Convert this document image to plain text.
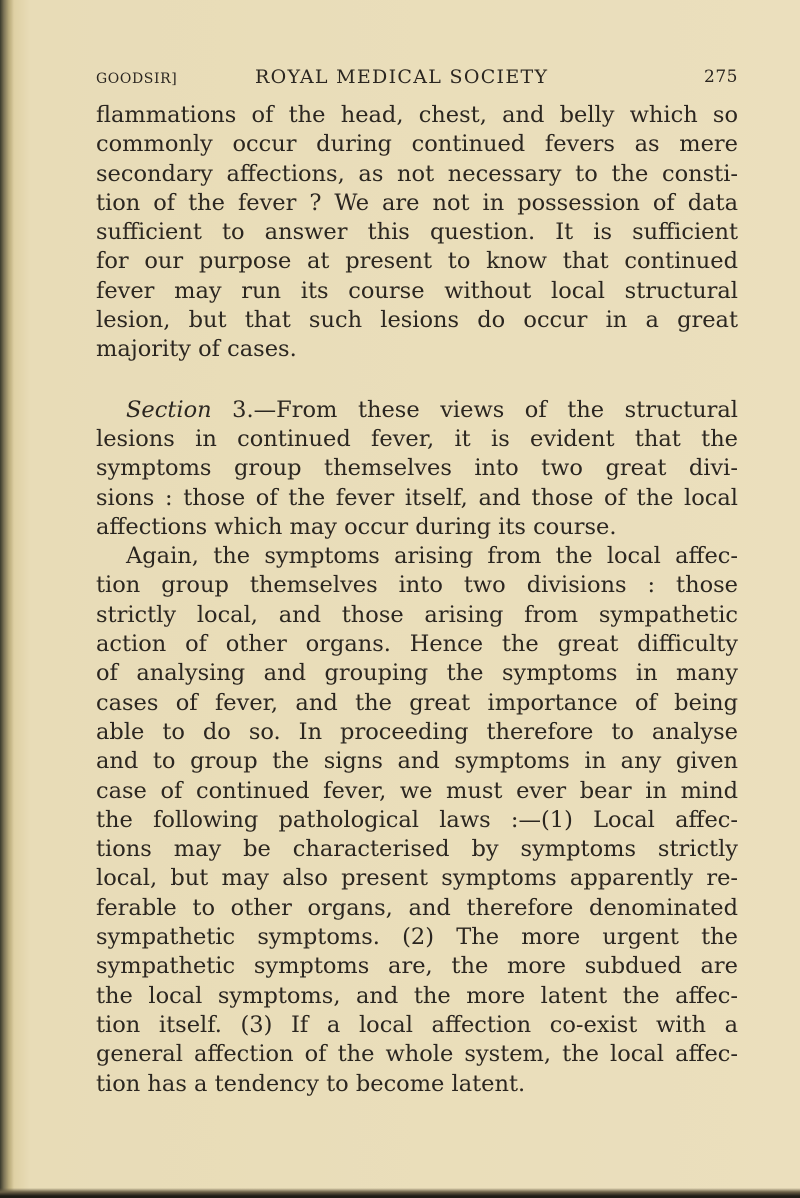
GOODSIR]	ROYAL MEDICAL SOCIETY	275
flammations of the head, chest, and belly which so
commonly occur during continued fevers as mere
secondary affections, as not necessary to the consti-
tion of the fever ? We are not in possession of data
sufficient to answer this question. It is sufficient
for our purpose at present to know that continued
fever may run its course without local structural
lesion, but that such lesions do occur in a great
majority of cases.
Section 3.—From these views of the structural
lesions in continued fever, it is evident that the
symptoms group themselves into two great divi-
sions : those of the fever itself, and those of the local
affections which may occur during its course.
Again, the symptoms arising from the local affec-
tion group themselves into two divisions : those
strictly local, and those arising from sympathetic
action of other organs. Hence the great difficulty
of analysing and grouping the symptoms in many
cases of fever, and the great importance of being
able to do so. In proceeding therefore to analyse
and to group the signs and symptoms in any given
case of continued fever, we must ever bear in mind
the following pathological laws :—(1) Local affec-
tions may be characterised by symptoms strictly
local, but may also present symptoms apparently re-
ferable to other organs, and therefore denominated
sympathetic symptoms. (2) The more urgent the
sympathetic symptoms are, the more subdued are
the local symptoms, and the more latent the affec-
tion itself. (3) If a local affection co-exist with a
general affection of the whole system, the local affec-
tion has a tendency to become latent.
